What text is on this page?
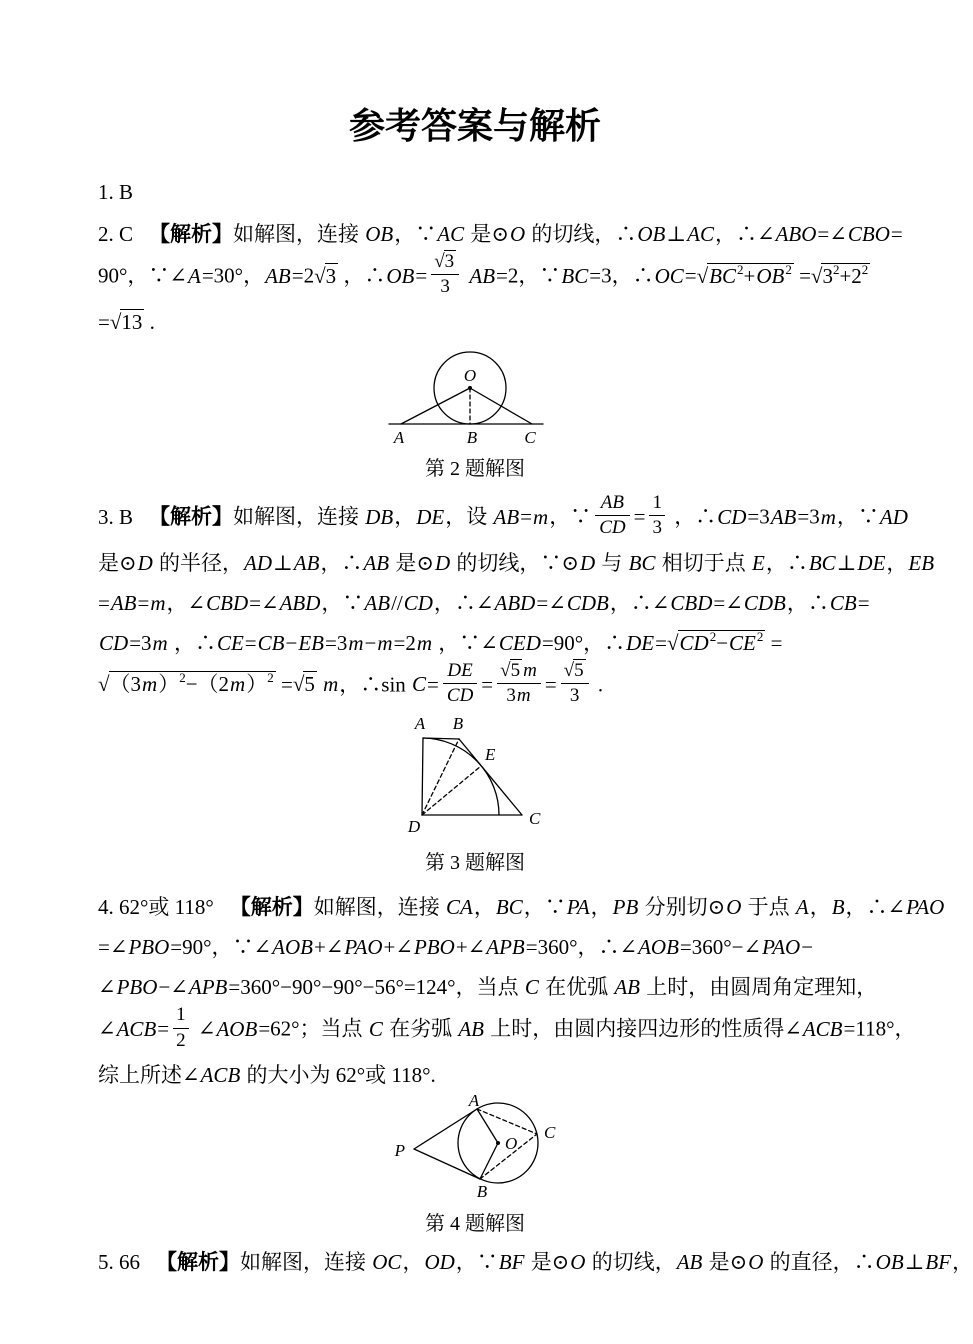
参考答案与解析
1. B
2. C 【解析】如解图，连接 OB，∵AC 是⊙O 的切线，∴OB⊥AC，∴∠ABO=∠CBO=
90°，∵∠A=30°，AB=2√3 ，∴OB= $\frac{√3}{3} AB=2$，∵BC=3，$\therefore OC=√BC^2+OB^2 =√3^2+2^2$
=√13 .
O
A	B	C
第 2 题解图
3. B 【解析】如解图，连接 DB，DE，设 AB=m，∵ $\frac{AB}{CD} = \frac{1}{3}$ ，∴CD=3AB=3m，∵AD
是⊙D 的半径，AD⊥AB，∴AB 是⊙D 的切线，∵⊙D 与 BC 相切于点 E，∴BC⊥DE，EB
=AB=m，∠CBD=∠ABD，∵AB//CD，∴∠ABD=∠CDB，∴∠CBD=∠CDB，∴CB=
CD=3m ，∴CE=CB−EB=3m−m=2m ，∵∠CED=90°，$\therefore DE=√CD^2-CE^2$ =
$√(3m)^2-(2m)^2 =√5$ m，∴sin $C= \frac{DE}{CD} = \frac{√5 m}{3m} = \frac{√5}{3}$ .
A B
E
D	C
第 3 题解图
4. 62°或 118° 【解析】如解图，连接 CA，BC，∵PA，PB 分别切⊙O 于点 A，B，∴∠PAO
=∠PBO=90°，∵∠AOB+∠PAO+∠PBO+∠APB=360°，∴∠AOB=360°−∠PAO−
∠PBO−∠APB=360°−90°−90°−56°=124°，当点 C 在优弧 AB 上时，由圆周角定理知，
∠ACB= $\frac{1}{2}$ ∠AOB=62°；当点 C 在劣弧 AB 上时，由圆内接四边形的性质得∠ACB=118°，
综上所述∠ACB 的大小为 62°或 118°.
A
B
C
O
P
第 4 题解图
5. 66 【解析】如解图，连接 OC，OD，∵BF 是⊙O 的切线，AB 是⊙O 的直径，∴OB⊥BF，
